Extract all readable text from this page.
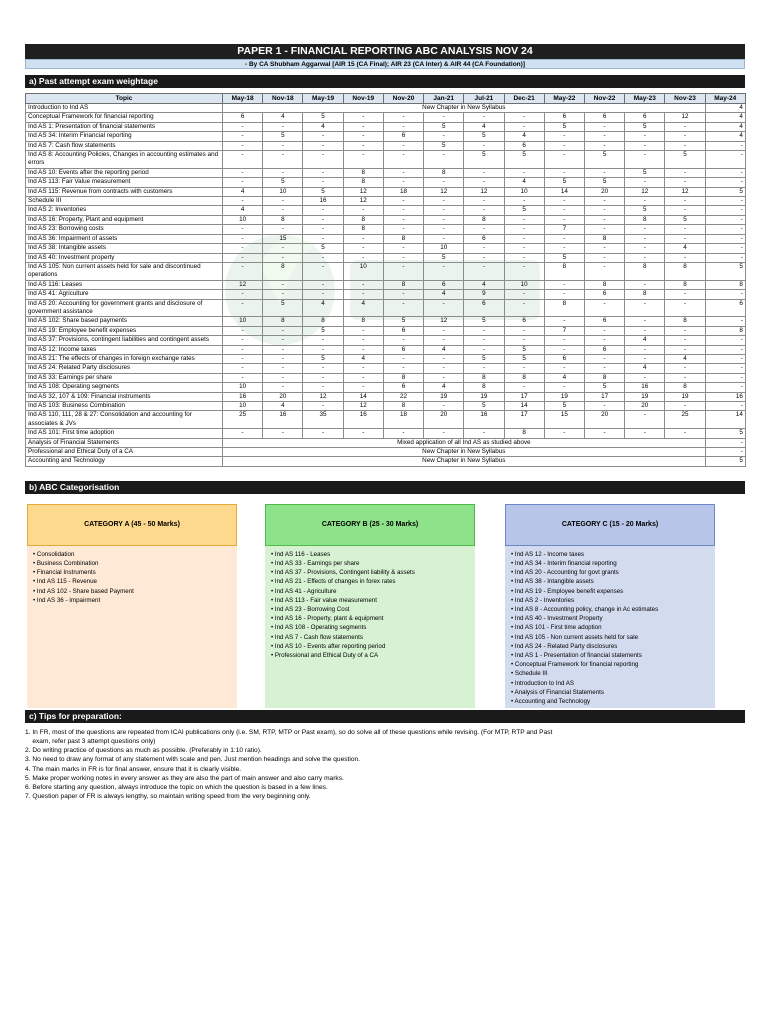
PAPER 1 - FINANCIAL REPORTING ABC ANALYSIS NOV 24
- By CA Shubham Aggarwal [AIR 15 (CA Final); AIR 23 (CA Inter) & AIR 44 (CA Foundation)]
a) Past attempt exam weightage
Topic	May-18	Nov-18	May-19	Nov-19	Nov-20	Jan-21	Jul-21	Dec-21	May-22	Nov-22	May-23	Nov-23	May-24
Introduction to Ind AS	New Chapter in New Syllabus												4
Conceptual Framework for financial reporting	6	4	5	-	-	-	-	-	6	6	6	12	4
Ind AS 1: Presentation of financial statements	-	-	4	-	-	5	4	-	5	-	5	-	4
Ind AS 34: Interim Financial reporting	-	5	-	-	6	-	5	4	-	-	-	-	4
Ind AS 7: Cash flow statements	-	-	-	-	-	5	-	6	-	-	-	-	-
Ind AS 8: Accounting Policies, Changes in accounting estimates and errors	-	-	-	-	-	-	5	5	-	5	-	5	-
Ind AS 10: Events after the reporting period	-	-	-	8	-	8	-	-	-	-	5	-	-
Ind AS 113: Fair Value measurement	-	5	-	8	-	-	-	4	5	5	-	-	-
Ind AS 115: Revenue from contracts with customers	4	10	5	12	18	12	12	10	14	20	12	12	5
Schedule III	-	-	16	12	-	-	-	-	-	-	-	-	-
Ind AS 2: Inventories	4	-	-	-	-	-	-	5	-	-	5	-	-
Ind AS 16: Property, Plant and equipment	10	8	-	8	-	-	8	-	-	-	8	5	-
Ind AS 23: Borrowing costs	-	-	-	8	-	-	-	-	7	-	-	-	-
Ind AS 36: Impairment of assets	-	15	-	-	8	-	6	-	-	8	-	-	-
Ind AS 38: Intangible assets	-	-	5	-	-	10	-	-	-	-	-	4	-
Ind AS 40: Investment property	-	-	-	-	-	5	-	-	5	-	-	-	-
Ind AS 105: Non current assets held for sale and discontinued operations	-	8	-	10	-	-	-	-	8	-	8	8	5
Ind AS 116: Leases	12	-	-	-	8	6	4	10	-	8	-	8	8
Ind AS 41: Agriculture	-	-	-	-	-	4	9	-	-	6	8	-	-
Ind AS 20: Accounting for government grants and disclosure of government assistance	-	5	4	4	-	-	6	-	8	-	-	-	6
Ind AS 102: Share based payments	10	8	8	8	5	12	5	6	-	6	-	8	-
Ind AS 19: Employee benefit expenses	-	-	5	-	6	-	-	-	7	-	-	-	8
Ind AS 37: Provisions, contingent liabilities and contingent assets	-	-	-	-	-	-	-	-	-	-	4	-	-
Ind AS 12: Income taxes	-	-	-	-	6	4	-	5	-	6	-	-	-
Ind AS 21: The effects of changes in foreign exchange rates	-	-	5	4	-	-	5	5	6	-	-	4	-
Ind AS 24: Related Party disclosures	-	-	-	-	-	-	-	-	-	-	4	-	-
Ind AS 33: Earnings per share	-	-	-	-	8	-	8	8	4	8	-	-	-
Ind AS 108: Operating segments	10	-	-	-	6	4	8	-	-	5	16	8	-
Ind AS 32, 107 & 109: Financial instruments	16	20	12	14	22	19	19	17	19	17	19	19	16
Ind AS 103: Business Combination	10	4	-	12	8	-	5	14	5	-	20	-	-
Ind AS 110, 111, 28 & 27: Consolidation and accounting for associates & JVs	25	16	35	16	18	20	16	17	15	20	-	25	14
Ind AS 101: First time adoption	-	-	-	-	-	-	-	8	-	-	-	-	5
Analysis of Financial Statements	Mixed application of all Ind AS as studied above												-
Professional and Ethical Duty of a CA	New Chapter in New Syllabus												-
Accounting and Technology	New Chapter in New Syllabus												5
b) ABC Categorisation
CATEGORY A (45 - 50 Marks)
• Consolidation
• Business Combination
• Financial Instruments
• Ind AS 115 - Revenue
• Ind AS 102 - Share based Payment
• Ind AS 36 - Impairment
CATEGORY B (25 - 30 Marks)
• Ind AS 116 - Leases
• Ind AS 33 - Earnings per share
• Ind AS 37 - Provisions, Contingent liability & assets
• Ind AS 21 - Effects of changes in forex rates
• Ind AS 41 - Agriculture
• Ind AS 113 - Fair value measurement
• Ind AS 23 - Borrowing Cost
• Ind AS 16 - Property, plant & equipment
• Ind AS 108 - Operating segments
• Ind AS 7 - Cash flow statements
• Ind AS 10 - Events after reporting period
• Professional and Ethical Duty of a CA
CATEGORY C (15 - 20 Marks)
• Ind AS 12 - Income taxes
• Ind AS 34 - Interim financial reporting
• Ind AS 20 - Accounting for govt grants
• Ind AS 38 - Intangible assets
• Ind AS 19 - Employee benefit expenses
• Ind AS 2 - Inventories
• Ind AS 8 - Accounting policy, change in Ac estimates
• Ind AS 40 - Investment Property
• Ind AS 101 - First time adoption
• Ind AS 105 - Non current assets held for sale
• Ind AS 24 - Related Party disclosures
• Ind AS 1 - Presentation of financial statements
• Conceptual Framework for financial reporting
• Schedule III
• Introduction to Ind AS
• Analysis of Financial Statements
• Accounting and Technology
c) Tips for preparation:

1. In FR, most of the questions are repeated from ICAI publications only (i.e. SM, RTP, MTP or Past exam), so do solve all of these questions while revising. (For MTP, RTP and Past

exam, refer past 3 attempt questions only)

2. Do writing practice of questions as much as possible. (Preferably in 1:10 ratio).

3. No need to draw any format of any statement with scale and pen. Just mention headings and solve the question.

4. The main marks in FR is for final answer, ensure that it is clearly visible.

5. Make proper working notes in every answer as they are also the part of main answer and also carry marks.

6. Before starting any question, always introduce the topic on which the question is based in a few lines.

7. Question paper of FR is always lengthy, so maintain writing speed from the very beginning only.
